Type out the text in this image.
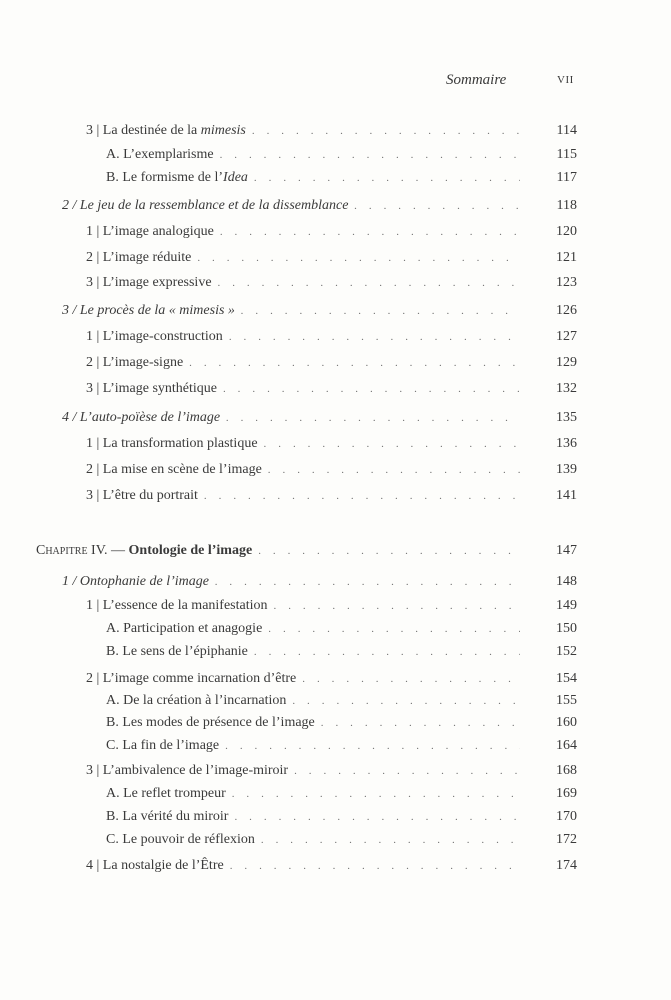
Sommaire	VII
3 | La destinée de la mimesis . . .	114
A. L’exemplarisme . . .	115
B. Le formisme de l’Idea . . .	117
2 / Le jeu de la ressemblance et de la dissemblance . . .	118
1 | L’image analogique . . .	120
2 | L’image réduite . . .	121
3 | L’image expressive . . .	123
3 / Le procès de la « mimesis » . . .	126
1 | L’image-construction . . .	127
2 | L’image-signe . . .	129
3 | L’image synthétique . . .	132
4 / L’auto-poïèse de l’image . . .	135
1 | La transformation plastique . . .	136
2 | La mise en scène de l’image . . .	139
3 | L’être du portrait . . .	141
Chapitre IV. — Ontologie de l’image . . .	147
1 / Ontophanie de l’image . . .	148
1 | L’essence de la manifestation . . .	149
A. Participation et anagogie . . .	150
B. Le sens de l’épiphanie . . .	152
2 | L’image comme incarnation d’être . . .	154
A. De la création à l’incarnation . . .	155
B. Les modes de présence de l’image . . .	160
C. La fin de l’image . . .	164
3 | L’ambivalence de l’image-miroir . . .	168
A. Le reflet trompeur . . .	169
B. La vérité du miroir . . .	170
C. Le pouvoir de réflexion . . .	172
4 | La nostalgie de l’Être . . .	174
